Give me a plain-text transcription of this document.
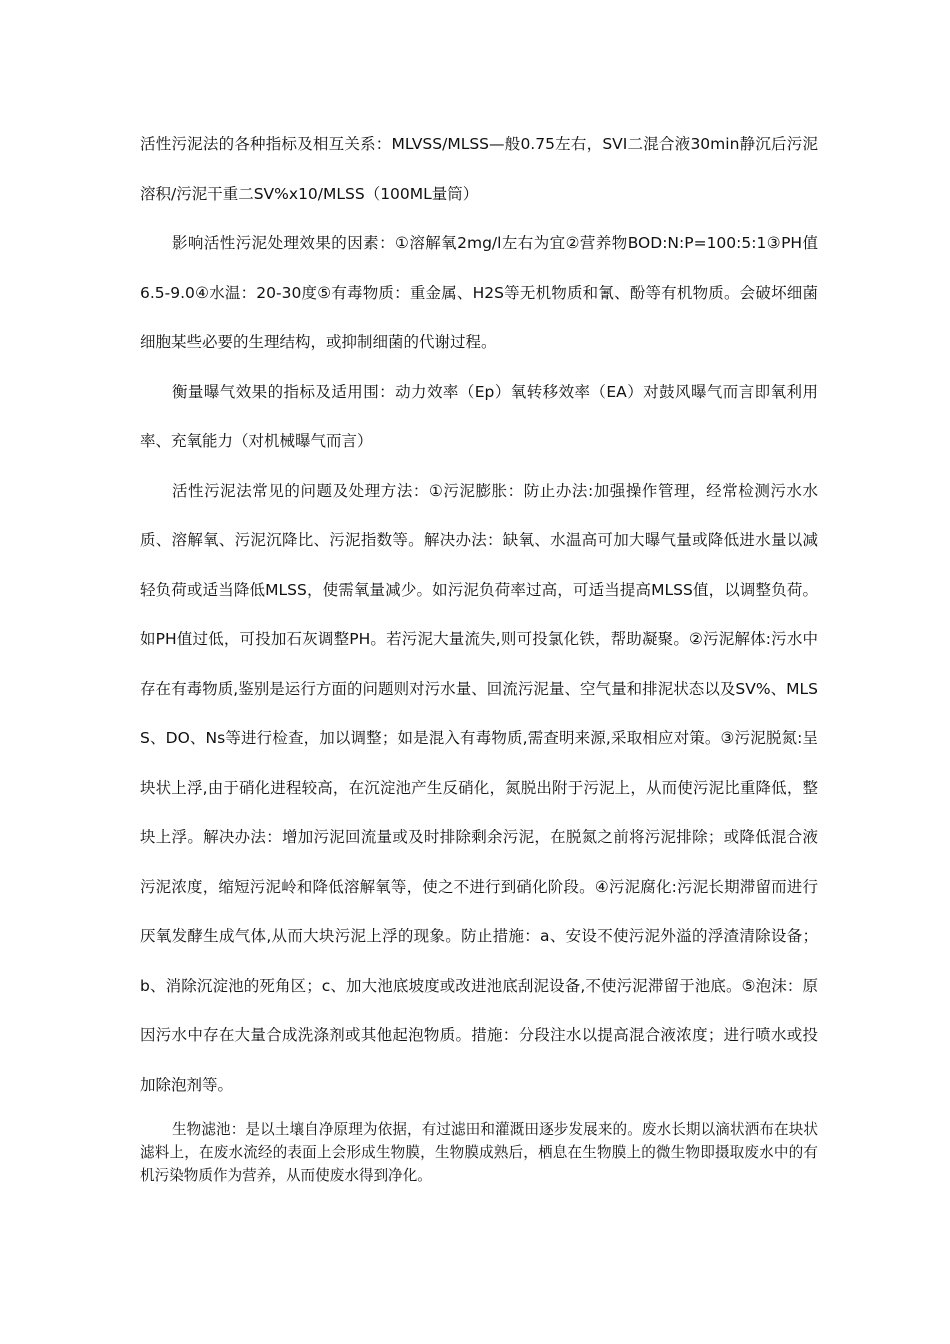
活性污泥法的各种指标及相互关系：MLVSS/MLSS—般0.75左右，SVI二混合液30min静沉后污泥溶积/污泥干重二SV%x10/MLSS（100ML量筒）

影响活性污泥处理效果的因素：①溶解氧2mg/l左右为宜②营养物BOD:N:P=100:5:1③PH值6.5-9.0④水温：20-30度⑤有毒物质：重金属、H2S等无机物质和氰、酚等有机物质。会破坏细菌细胞某些必要的生理结构，或抑制细菌的代谢过程。

衡量曝气效果的指标及适用围：动力效率（Ep）氧转移效率（EA）对鼓风曝气而言即氧利用率、充氧能力（对机械曝气而言）

活性污泥法常见的问题及处理方法：①污泥膨胀：防止办法:加强操作管理，经常检测污水水质、溶解氧、污泥沉降比、污泥指数等。解决办法：缺氧、水温高可加大曝气量或降低进水量以减轻负荷或适当降低MLSS，使需氧量减少。如污泥负荷率过高，可适当提高MLSS值，以调整负荷。如PH值过低，可投加石灰调整PH。若污泥大量流失,则可投氯化铁，帮助凝聚。②污泥解体:污水中存在有毒物质,鉴别是运行方面的问题则对污水量、回流污泥量、空气量和排泥状态以及SV%、MLSS、DO、Ns等进行检查，加以调整；如是混入有毒物质,需查明来源,采取相应对策。③污泥脱氮:呈块状上浮,由于硝化进程较高，在沉淀池产生反硝化，氮脱出附于污泥上，从而使污泥比重降低，整块上浮。解决办法：增加污泥回流量或及时排除剩余污泥，在脱氮之前将污泥排除；或降低混合液污泥浓度，缩短污泥岭和降低溶解氧等，使之不进行到硝化阶段。④污泥腐化:污泥长期滞留而进行厌氧发酵生成气体,从而大块污泥上浮的现象。防止措施：a、安设不使污泥外溢的浮渣清除设备；b、消除沉淀池的死角区；c、加大池底坡度或改进池底刮泥设备,不使污泥滞留于池底。⑤泡沫：原因污水中存在大量合成洗涤剂或其他起泡物质。措施：分段注水以提高混合液浓度；进行喷水或投加除泡剂等。

生物滤池：是以土壤自净原理为依据，有过滤田和灌溉田逐步发展来的。废水长期以滴状洒布在块状滤料上，在废水流经的表面上会形成生物膜，生物膜成熟后，栖息在生物膜上的微生物即摄取废水中的有机污染物质作为营养，从而使废水得到净化。
